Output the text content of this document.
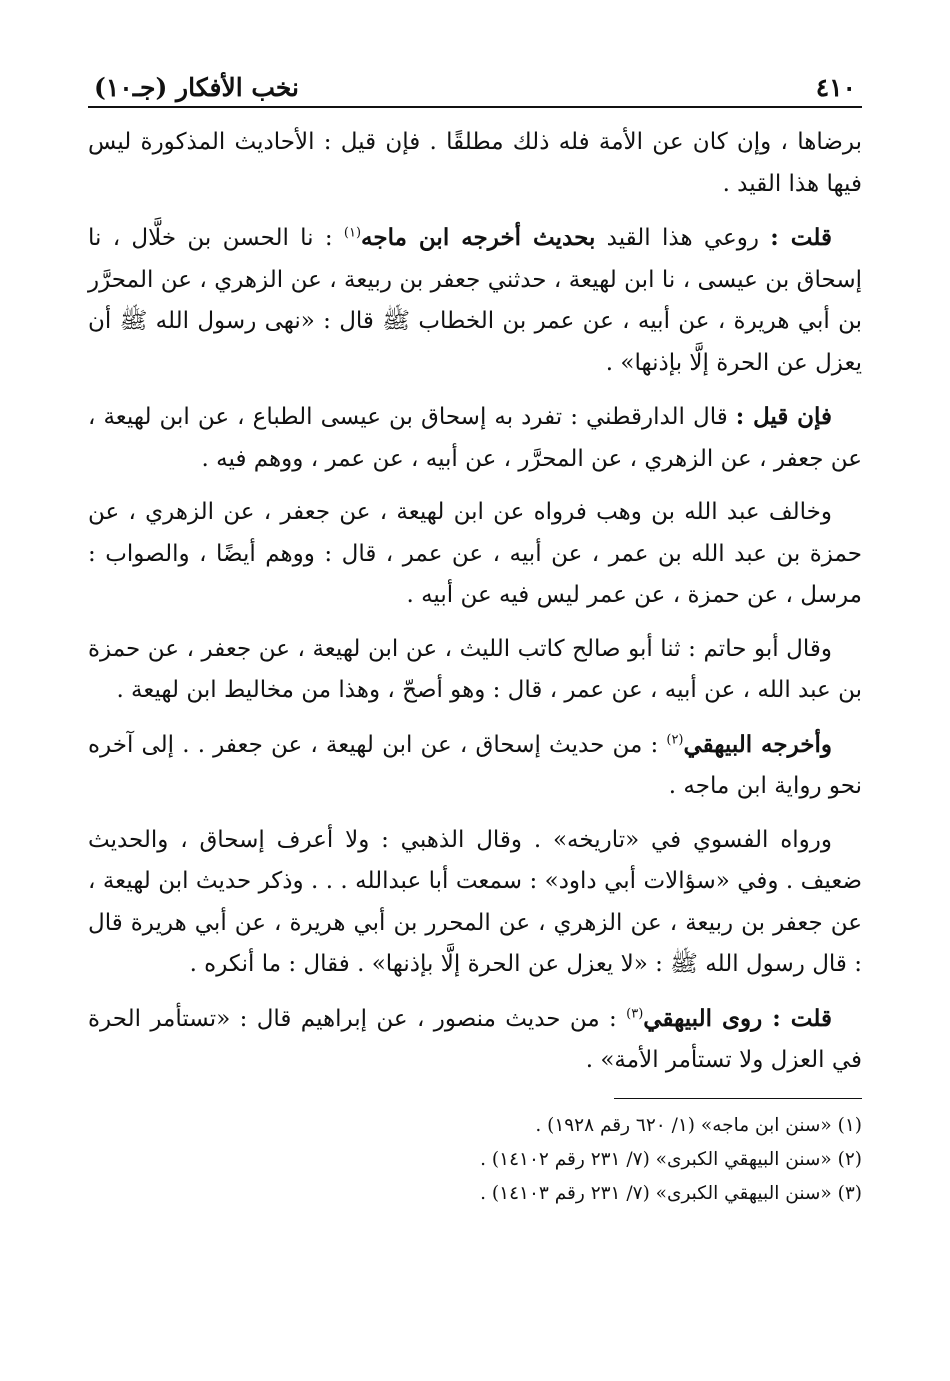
٤١٠
نخب الأفكار (جـ١٠)

برضاها ، وإن كان عن الأمة فله ذلك مطلقًا . فإن قيل : الأحاديث المذكورة ليس فيها هذا القيد .

قلت : روعي هذا القيد بحديث أخرجه ابن ماجه$^{(١)}$ : نا الحسن بن خلَّال ، نا إسحاق بن عيسى ، نا ابن لهيعة ، حدثني جعفر بن ربيعة ، عن الزهري ، عن المحرَّر بن أبي هريرة ، عن أبيه ، عن عمر بن الخطاب ﷺ قال : «نهى رسول الله ﷺ أن يعزل عن الحرة إلَّا بإذنها» .

فإن قيل : قال الدارقطني : تفرد به إسحاق بن عيسى الطباع ، عن ابن لهيعة ، عن جعفر ، عن الزهري ، عن المحرَّر ، عن أبيه ، عن عمر ، ووهم فيه .

وخالف عبد الله بن وهب فرواه عن ابن لهيعة ، عن جعفر ، عن الزهري ، عن حمزة بن عبد الله بن عمر ، عن أبيه ، عن عمر ، قال : ووهم أيضًا ، والصواب : مرسل ، عن حمزة ، عن عمر ليس فيه عن أبيه .

وقال أبو حاتم : ثنا أبو صالح كاتب الليث ، عن ابن لهيعة ، عن جعفر ، عن حمزة بن عبد الله ، عن أبيه ، عن عمر ، قال : وهو أصحّ ، وهذا من مخاليط ابن لهيعة .

وأخرجه البيهقي$^{(٢)}$ : من حديث إسحاق ، عن ابن لهيعة ، عن جعفر . . إلى آخره نحو رواية ابن ماجه .

ورواه الفسوي في «تاريخه» . وقال الذهبي : ولا أعرف إسحاق ، والحديث ضعيف . وفي «سؤالات أبي داود» : سمعت أبا عبدالله . . . وذكر حديث ابن لهيعة ، عن جعفر بن ربيعة ، عن الزهري ، عن المحرر بن أبي هريرة ، عن أبي هريرة قال : قال رسول الله ﷺ : «لا يعزل عن الحرة إلَّا بإذنها» . فقال : ما أنكره .

قلت : روى البيهقي$^{(٣)}$ : من حديث منصور ، عن إبراهيم قال : «تستأمر الحرة في العزل ولا تستأمر الأمة» .

(١) «سنن ابن ماجه» (١/ ٦٢٠ رقم ١٩٢٨) .

(٢) «سنن البيهقي الكبرى» (٧/ ٢٣١ رقم ١٤١٠٢) .

(٣) «سنن البيهقي الكبرى» (٧/ ٢٣١ رقم ١٤١٠٣) .
